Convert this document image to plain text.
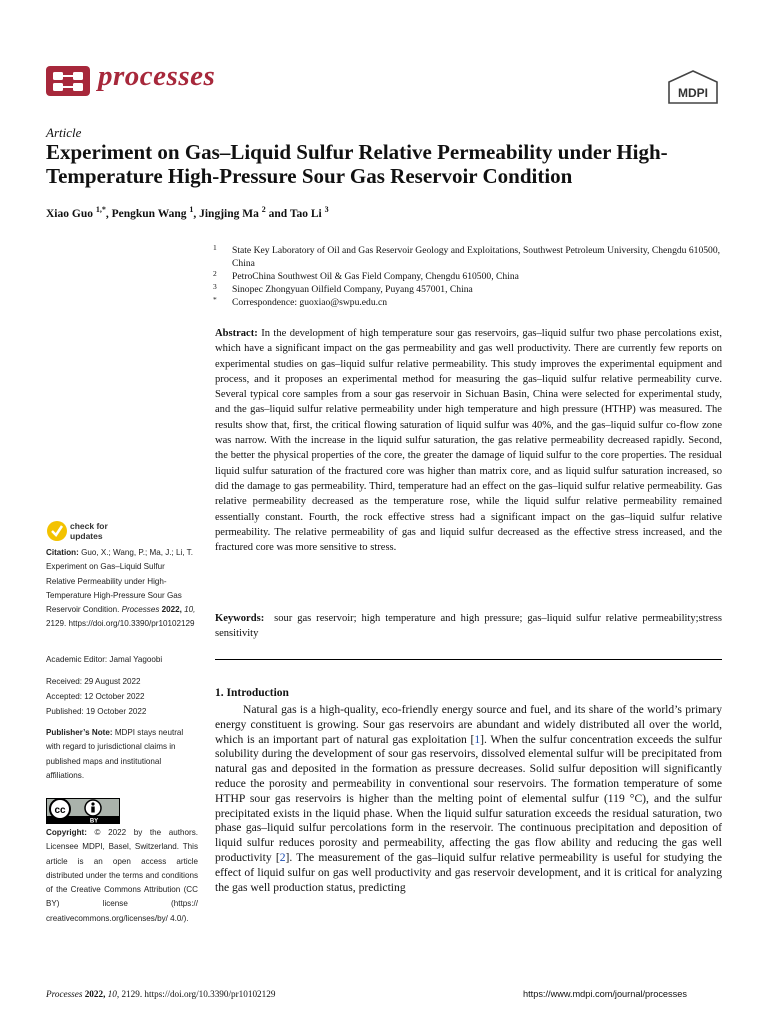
processes
MDPI
Article
Experiment on Gas–Liquid Sulfur Relative Permeability under High-Temperature High-Pressure Sour Gas Reservoir Condition
Xiao Guo $^{1,*}$, Pengkun Wang $^1$, Jingjing Ma $^2$ and Tao Li $^3$
1 State Key Laboratory of Oil and Gas Reservoir Geology and Exploitations, Southwest Petroleum University, Chengdu 610500, China
2 PetroChina Southwest Oil & Gas Field Company, Chengdu 610500, China
3 Sinopec Zhongyuan Oilfield Company, Puyang 457001, China
* Correspondence: guoxiao@swpu.edu.cn
Abstract: In the development of high temperature sour gas reservoirs, gas–liquid sulfur two phase percolations exist, which have a significant impact on the gas permeability and gas well productivity. There are currently few reports on experimental studies on gas–liquid sulfur relative permeability. This study improves the experimental equipment and process, and it proposes an experimental method for measuring the gas–liquid sulfur relative permeability curve. Several typical core samples from a sour gas reservoir in Sichuan Basin, China were selected for experimental study, and the gas–liquid sulfur relative permeability under high temperature and high pressure (HTHP) was measured. The results show that, first, the critical flowing saturation of liquid sulfur was 40%, and the gas–liquid sulfur co-flow zone was narrow. With the increase in the liquid sulfur saturation, the gas relative permeability decreased rapidly. Second, the better the physical properties of the core, the greater the damage of liquid sulfur to the core properties. The residual liquid sulfur saturation of the fractured core was higher than matrix core, and as liquid sulfur saturation increased, so did the damage to gas permeability. Third, temperature had an effect on the gas–liquid sulfur relative permeability. Gas relative permeability decreased as the temperature rose, while the liquid sulfur relative permeability remained essentially constant. Fourth, the rock effective stress had a significant impact on the gas–liquid sulfur relative permeability. The relative permeability of gas and liquid sulfur decreased as the effective stress increased, and the fractured core was more sensitive to stress.
Keywords: sour gas reservoir; high temperature and high pressure; gas–liquid sulfur relative permeability;stress sensitivity
check for
updates
Citation: Guo, X.; Wang, P.; Ma, J.; Li, T. Experiment on Gas–Liquid Sulfur Relative Permeability under High-Temperature High-Pressure Sour Gas Reservoir Condition. Processes 2022, 10, 2129. https://doi.org/10.3390/pr10102129
Academic Editor: Jamal Yagoobi
Received: 29 August 2022
Accepted: 12 October 2022
Published: 19 October 2022
Publisher’s Note: MDPI stays neutral with regard to jurisdictional claims in published maps and institutional affiliations.
cc
BY
Copyright: © 2022 by the authors. Licensee MDPI, Basel, Switzerland. This article is an open access article distributed under the terms and conditions of the Creative Commons Attribution (CC BY) license (https:// creativecommons.org/licenses/by/ 4.0/).
1. Introduction
Natural gas is a high-quality, eco-friendly energy source and fuel, and its share of the world’s primary energy constituent is growing. Sour gas reservoirs are abundant and widely distributed all over the world, which is an important part of natural gas exploitation [1]. When the sulfur concentration exceeds the sulfur solubility during the development of sour gas reservoirs, dissolved elemental sulfur will be precipitated from natural gas and deposited in the formation as pressure decreases. Solid sulfur deposition will significantly reduce the porosity and permeability in conventional sour reservoirs. The formation temperature of some HTHP sour gas reservoirs is higher than the melting point of elemental sulfur (119 °C), and the sulfur precipitated exists in the liquid phase. When the liquid sulfur saturation exceeds the residual saturation, two phase gas–liquid sulfur percolations form in the reservoir. The continuous precipitation and deposition of liquid sulfur reduces porosity and permeability, affecting the gas flow ability and reducing the gas well productivity [2]. The measurement of the gas–liquid sulfur relative permeability is useful for studying the effect of liquid sulfur on gas well productivity and gas reservoir development, and it is critical for analyzing the gas well production status, predicting
Processes 2022, 10, 2129. https://doi.org/10.3390/pr10102129	https://www.mdpi.com/journal/processes
